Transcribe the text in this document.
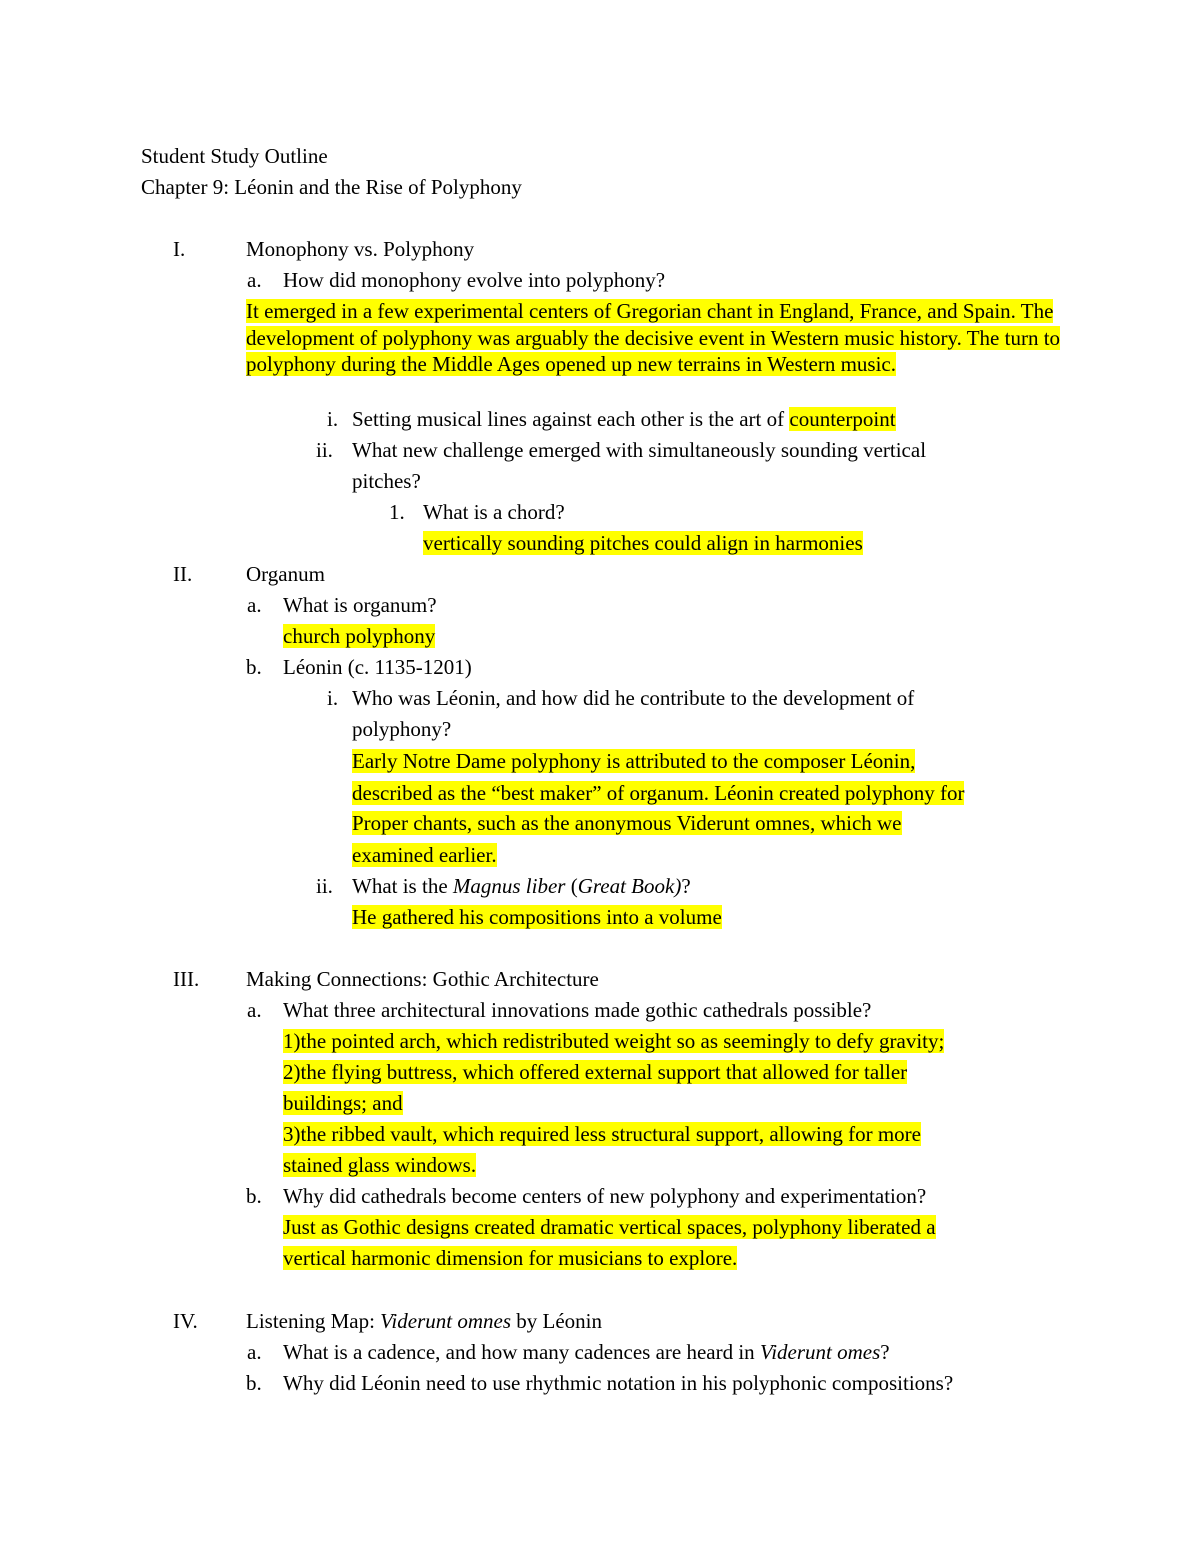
Student Study Outline
Chapter 9: Léonin and the Rise of Polyphony
I.	Monophony vs. Polyphony
a. How did monophony evolve into polyphony?
It emerged in a few experimental centers of Gregorian chant in England, France, and Spain. The development of polyphony was arguably the decisive event in Western music history. The turn to polyphony during the Middle Ages opened up new terrains in Western music.
i. Setting musical lines against each other is the art of counterpoint
ii. What new challenge emerged with simultaneously sounding vertical
pitches?
1. What is a chord?
vertically sounding pitches could align in harmonies
II.	Organum
a. What is organum?
church polyphony
b. Léonin (c. 1135-1201)
i. Who was Léonin, and how did he contribute to the development of
polyphony?
Early Notre Dame polyphony is attributed to the composer Léonin,
described as the “best maker” of organum. Léonin created polyphony for
Proper chants, such as the anonymous Viderunt omnes, which we
examined earlier.
ii. What is the Magnus liber (Great Book)?
He gathered his compositions into a volume
III. Making Connections: Gothic Architecture
a. What three architectural innovations made gothic cathedrals possible?
1)the pointed arch, which redistributed weight so as seemingly to defy gravity;
2)the flying buttress, which offered external support that allowed for taller
buildings; and
3)the ribbed vault, which required less structural support, allowing for more
stained glass windows.
b. Why did cathedrals become centers of new polyphony and experimentation?
Just as Gothic designs created dramatic vertical spaces, polyphony liberated a
vertical harmonic dimension for musicians to explore.
IV. Listening Map: Viderunt omnes by Léonin
a. What is a cadence, and how many cadences are heard in Viderunt omes?
b. Why did Léonin need to use rhythmic notation in his polyphonic compositions?
